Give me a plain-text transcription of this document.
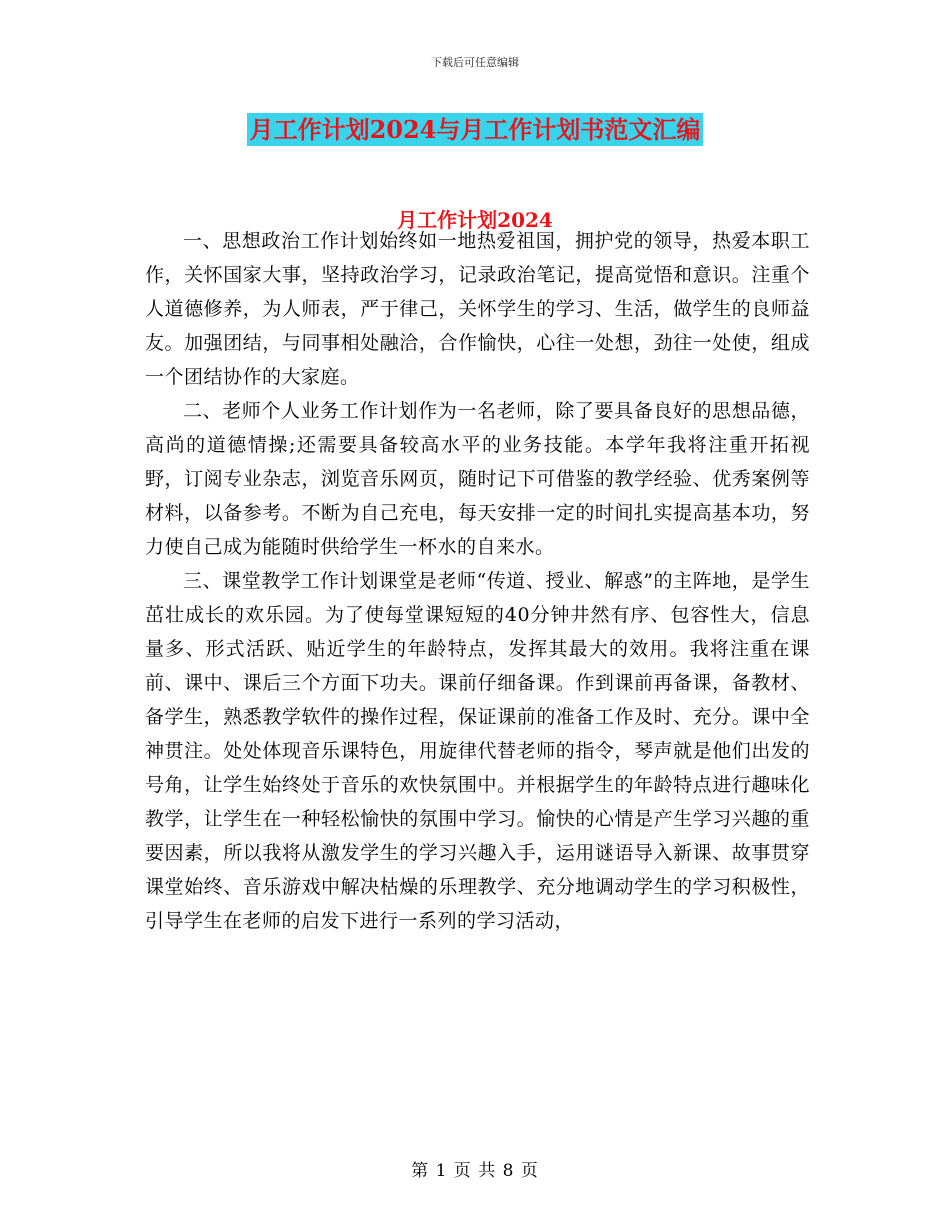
下载后可任意编辑
月工作计划2024与月工作计划书范文汇编
月工作计划2024

一、思想政治工作计划始终如一地热爱祖国，拥护党的领导，热爱本职工作，关怀国家大事，坚持政治学习，记录政治笔记，提高觉悟和意识。注重个人道德修养，为人师表，严于律己，关怀学生的学习、生活，做学生的良师益友。加强团结，与同事相处融洽，合作愉快，心往一处想，劲往一处使，组成一个团结协作的大家庭。

二、老师个人业务工作计划作为一名老师，除了要具备良好的思想品德，高尚的道德情操;还需要具备较高水平的业务技能。本学年我将注重开拓视野，订阅专业杂志，浏览音乐网页，随时记下可借鉴的教学经验、优秀案例等材料，以备参考。不断为自己充电，每天安排一定的时间扎实提高基本功，努力使自己成为能随时供给学生一杯水的自来水。

三、课堂教学工作计划课堂是老师“传道、授业、解惑”的主阵地，是学生茁壮成长的欢乐园。为了使每堂课短短的40分钟井然有序、包容性大，信息量多、形式活跃、贴近学生的年龄特点，发挥其最大的效用。我将注重在课前、课中、课后三个方面下功夫。课前仔细备课。作到课前再备课，备教材、备学生，熟悉教学软件的操作过程，保证课前的准备工作及时、充分。课中全神贯注。处处体现音乐课特色，用旋律代替老师的指令，琴声就是他们出发的号角，让学生始终处于音乐的欢快氛围中。并根据学生的年龄特点进行趣味化教学，让学生在一种轻松愉快的氛围中学习。愉快的心情是产生学习兴趣的重要因素，所以我将从激发学生的学习兴趣入手，运用谜语导入新课、故事贯穿课堂始终、音乐游戏中解决枯燥的乐理教学、充分地调动学生的学习积极性，引导学生在老师的启发下进行一系列的学习活动，

第 1 页 共 8 页
